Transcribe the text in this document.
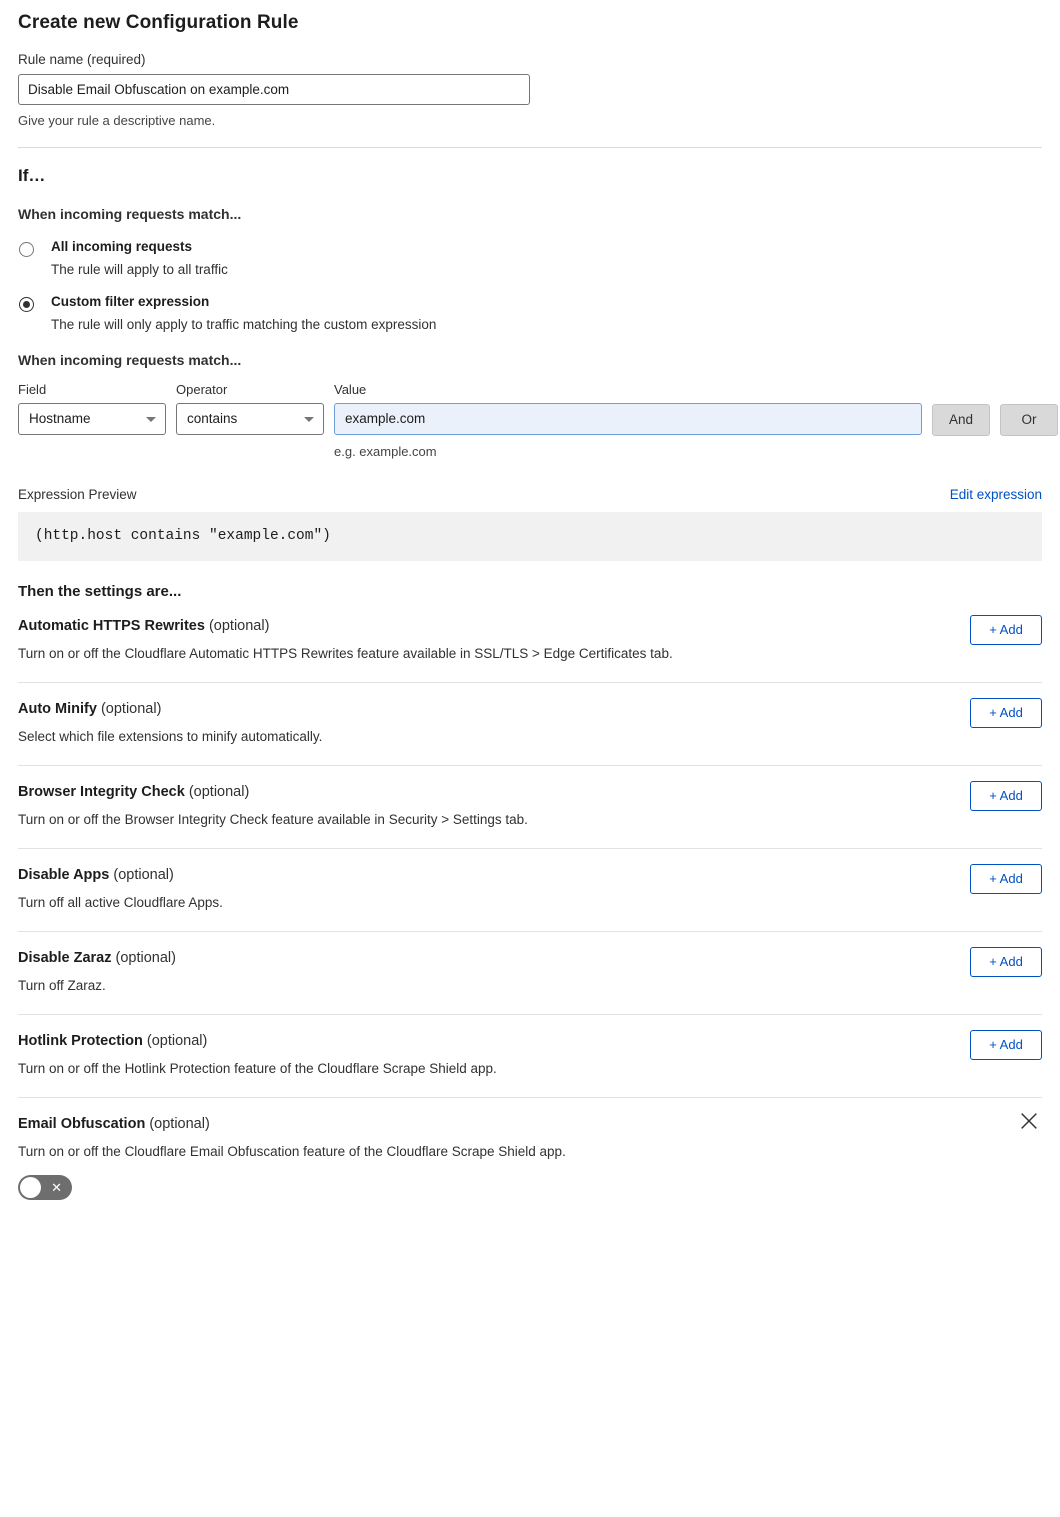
Create new Configuration Rule
Rule name (required)
Disable Email Obfuscation on example.com
Give your rule a descriptive name.
If…
When incoming requests match...
All incoming requests
The rule will apply to all traffic
Custom filter expression
The rule will only apply to traffic matching the custom expression
When incoming requests match...
Field
Hostname
Operator
contains
Value
example.com
e.g. example.com
And	Or
Expression Preview	Edit expression
(http.host contains "example.com")
Then the settings are...
Automatic HTTPS Rewrites (optional)
Turn on or off the Cloudflare Automatic HTTPS Rewrites feature available in SSL/TLS > Edge Certificates tab.
+ Add
Auto Minify (optional)
Select which file extensions to minify automatically.
+ Add
Browser Integrity Check (optional)
Turn on or off the Browser Integrity Check feature available in Security > Settings tab.
+ Add
Disable Apps (optional)
Turn off all active Cloudflare Apps.
+ Add
Disable Zaraz (optional)
Turn off Zaraz.
+ Add
Hotlink Protection (optional)
Turn on or off the Hotlink Protection feature of the Cloudflare Scrape Shield app.
+ Add
Email Obfuscation (optional)
Turn on or off the Cloudflare Email Obfuscation feature of the Cloudflare Scrape Shield app.
✕
